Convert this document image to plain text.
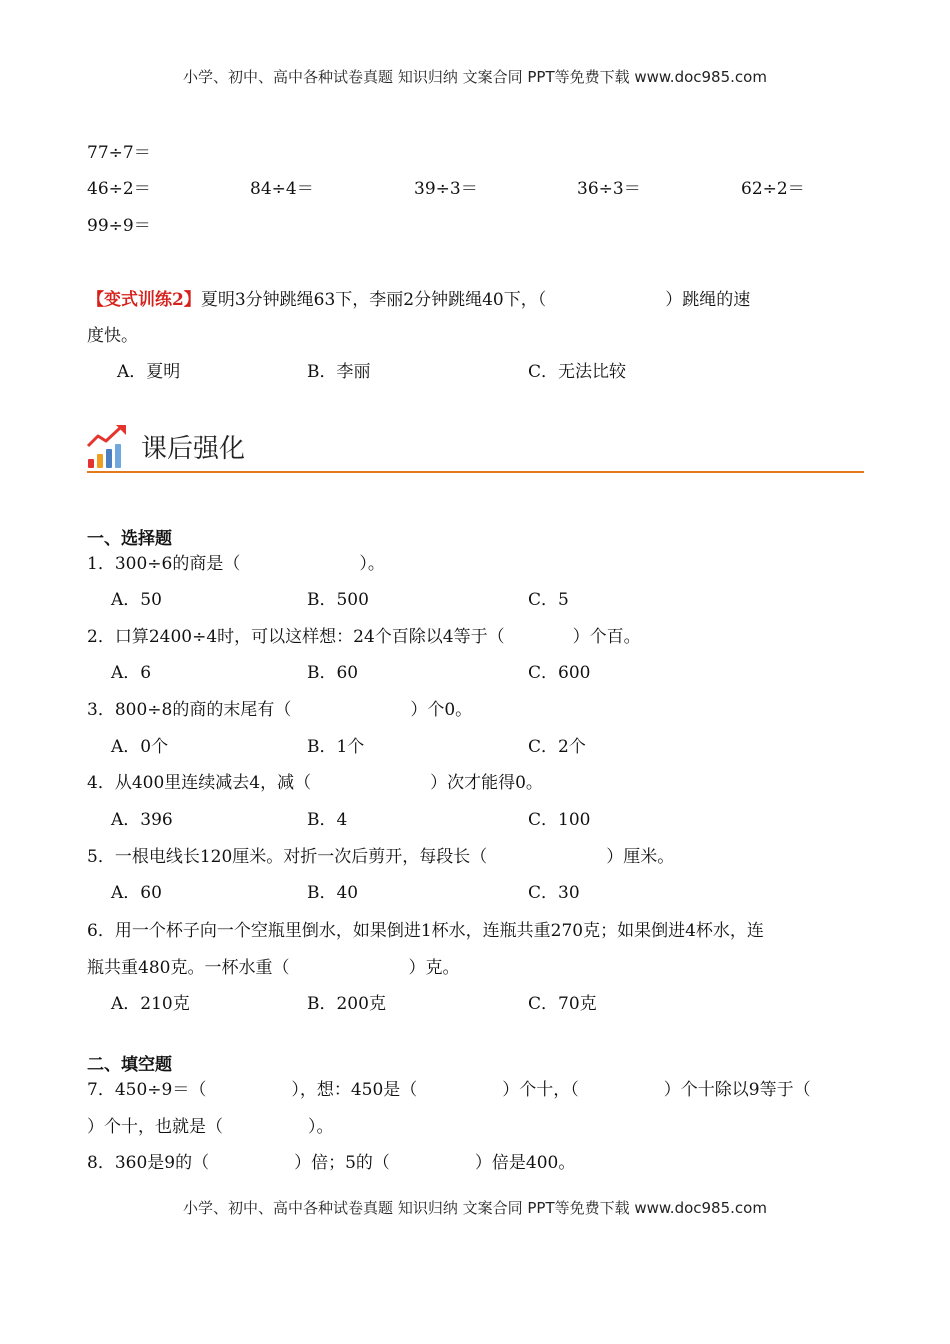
小学、初中、高中各种试卷真题 知识归纳 文案合同 PPT等免费下载 www.doc985.com
77÷7＝
46÷2＝	84÷4＝	39÷3＝	36÷3＝	62÷2＝
99÷9＝
【变式训练2】夏明3分钟跳绳63下，李丽2分钟跳绳40下，（　　　　　　　）跳绳的速
度快。
A．夏明	B．李丽	C．无法比较
课后强化
一、选择题
1．300÷6的商是（　　　　　　　）。
A．50	B．500	C．5
2．口算2400÷4时，可以这样想：24个百除以4等于（　　　　）个百。
A．6	B．60	C．600
3．800÷8的商的末尾有（　　　　　　　）个0。
A．0个	B．1个	C．2个
4．从400里连续减去4，减（　　　　　　　）次才能得0。
A．396	B．4	C．100
5．一根电线长120厘米。对折一次后剪开，每段长（　　　　　　　）厘米。
A．60	B．40	C．30
6．用一个杯子向一个空瓶里倒水，如果倒进1杯水，连瓶共重270克；如果倒进4杯水，连
瓶共重480克。一杯水重（　　　　　　　）克。
A．210克	B．200克	C．70克
二、填空题
7．450÷9＝（　　　　　），想：450是（　　　　　）个十，（　　　　　）个十除以9等于（
）个十，也就是（　　　　　）。
8．360是9的（　　　　　）倍；5的（　　　　　）倍是400。
小学、初中、高中各种试卷真题 知识归纳 文案合同 PPT等免费下载 www.doc985.com
